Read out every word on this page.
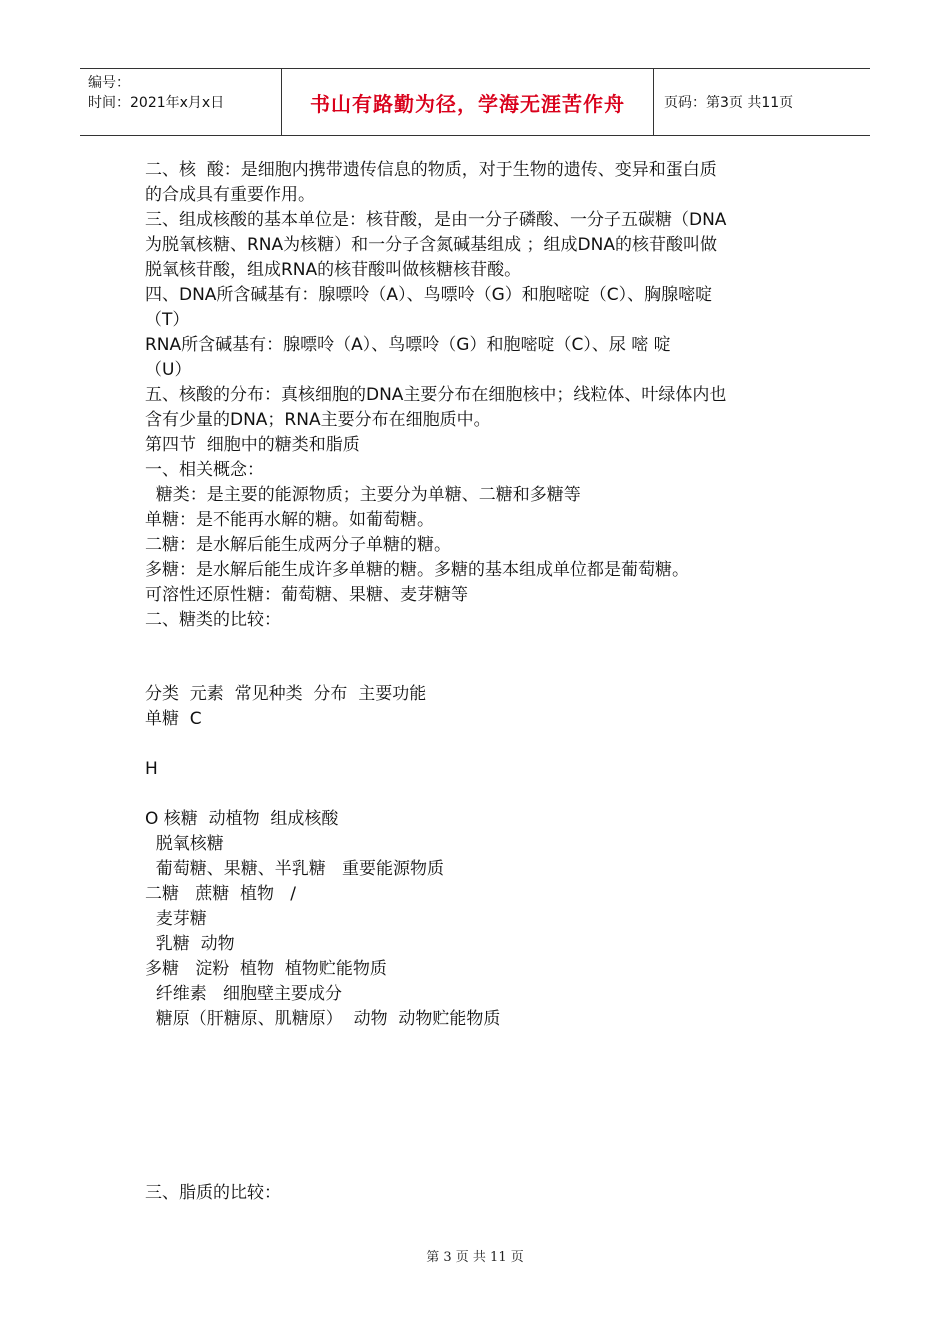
编号：
时间：2021年x月x日	书山有路勤为径，学海无涯苦作舟	页码：第3页 共11页
二、核  酸：是细胞内携带遗传信息的物质，对于生物的遗传、变异和蛋白质
的合成具有重要作用。
三、组成核酸的基本单位是：核苷酸，是由一分子磷酸、一分子五碳糖（DNA
为脱氧核糖、RNA为核糖）和一分子含氮碱基组成 ；组成DNA的核苷酸叫做
脱氧核苷酸，组成RNA的核苷酸叫做核糖核苷酸。
四、DNA所含碱基有：腺嘌呤（A）、鸟嘌呤（G）和胞嘧啶（C）、胸腺嘧啶
（T）
RNA所含碱基有：腺嘌呤（A）、鸟嘌呤（G）和胞嘧啶（C）、尿 嘧 啶
（U）
五、核酸的分布：真核细胞的DNA主要分布在细胞核中；线粒体、叶绿体内也
含有少量的DNA；RNA主要分布在细胞质中。
第四节  细胞中的糖类和脂质
一、相关概念：
糖类：是主要的能源物质；主要分为单糖、二糖和多糖等
单糖：是不能再水解的糖。如葡萄糖。
二糖：是水解后能生成两分子单糖的糖。
多糖：是水解后能生成许多单糖的糖。多糖的基本组成单位都是葡萄糖。
可溶性还原性糖：葡萄糖、果糖、麦芽糖等
二、糖类的比较：
分类  元素  常见种类  分布  主要功能
单糖  C
H
O 核糖  动植物  组成核酸
脱氧核糖
葡萄糖、果糖、半乳糖   重要能源物质
二糖   蔗糖  植物   /
麦芽糖
乳糖  动物
多糖   淀粉  植物  植物贮能物质
纤维素   细胞壁主要成分
糖原（肝糖原、肌糖原）  动物  动物贮能物质
三、脂质的比较：
第 3 页 共 11 页
